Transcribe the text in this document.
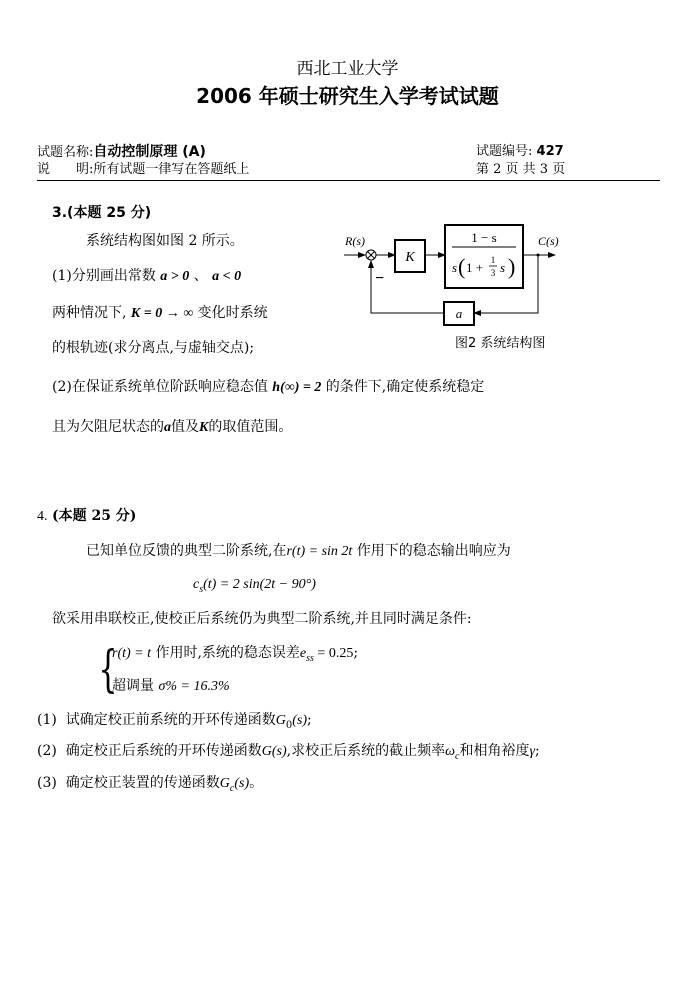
西北工业大学
2006 年硕士研究生入学考试试题
试题名称:自动控制原理 (A)	试题编号: 427
说　　明:所有试题一律写在答题纸上	第 2 页 共 3 页
3.(本题 25 分)
系统结构图如图 2 所示。
(1)分别画出常数 a > 0 、 a < 0
两种情况下, K = 0 → ∞ 变化时系统
的根轨迹(求分离点,与虚轴交点);
(2)在保证系统单位阶跃响应稳态值 h(∞) = 2 的条件下,确定使系统稳定
且为欠阻尼状态的a值及K的取值范围。
R(s)
K
1 − s
s ( 1 + 1
3 s )
C(s)
a
−
图2 系统结构图
4. (本题 25 分)
已知单位反馈的典型二阶系统,在r(t) = sin 2t 作用下的稳态输出响应为
$c_s(t) = 2$ sin(2t − 90°)
欲采用串联校正,使校正后系统仍为典型二阶系统,并且同时满足条件:
{
r(t) = t 作用时,系统的稳态误差$e_{ss} = 0.25$;
超调量 σ% = 16.3%
(1) 试确定校正前系统的开环传递函数$G_0(s)$;
(2) 确定校正后系统的开环传递函数G(s),求校正后系统的截止频率$\omega_c$和相角裕度γ;
(3) 确定校正装置的传递函数$G_c(s)$。
